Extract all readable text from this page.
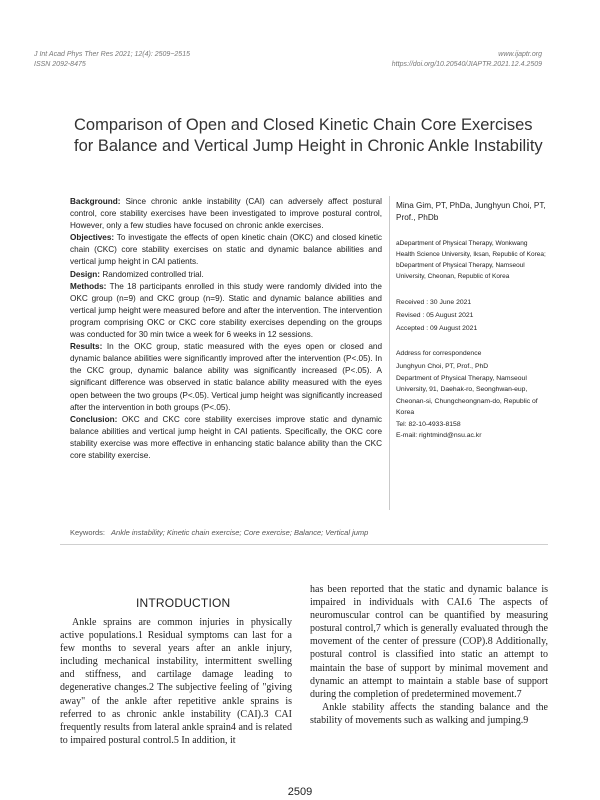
J Int Acad Phys Ther Res 2021; 12(4): 2509~2515
ISSN 2092-8475
www.ijaptr.org
https://doi.org/10.20540/JIAPTR.2021.12.4.2509
Comparison of Open and Closed Kinetic Chain Core Exercises for Balance and Vertical Jump Height in Chronic Ankle Instability

Background: Since chronic ankle instability (CAI) can adversely affect postural control, core stability exercises have been investigated to improve postural control, However, only a few studies have focused on chronic ankle exercises.

Objectives: To investigate the effects of open kinetic chain (OKC) and closed kinetic chain (CKC) core stability exercises on static and dynamic balance abilities and vertical jump height in CAI patients.

Design: Randomized controlled trial.

Methods: The 18 participants enrolled in this study were randomly divided into the OKC group (n=9) and CKC group (n=9). Static and dynamic balance abilities and vertical jump height were measured before and after the intervention. The intervention program comprising OKC or CKC core stability exercises depending on the groups was conducted for 30 min twice a week for 6 weeks in 12 sessions.

Results: In the OKC group, static measured with the eyes open or closed and dynamic balance abilities were significantly improved after the intervention (P<.05). In the CKC group, dynamic balance ability was significantly increased (P<.05). A significant difference was observed in static balance ability measured with the eyes open between the two groups (P<.05). Vertical jump height was significantly increased after the intervention in both groups (P<.05).

Conclusion: OKC and CKC core stability exercises improve static and dynamic balance abilities and vertical jump height in CAI patients. Specifically, the OKC core stability exercise was more effective in enhancing static balance ability than the CKC core stability exercise.

Mina Gim, PT, PhDa, Junghyun Choi, PT, Prof., PhDb

aDepartment of Physical Therapy, Wonkwang Health Science University, Iksan, Republic of Korea; bDepartment of Physical Therapy, Namseoul University, Cheonan, Republic of Korea

Received : 30 June 2021

Revised : 05 August 2021

Accepted : 09 August 2021

Address for correspondence

Junghyun Choi, PT, Prof., PhD

Department of Physical Therapy, Namseoul University, 91, Daehak-ro, Seonghwan-eup, Cheonan-si, Chungcheongnam-do, Republic of Korea

Tel: 82-10-4933-8158

E-mail: rightmind@nsu.ac.kr

Keywords: Ankle instability; Kinetic chain exercise; Core exercise; Balance; Vertical jump
INTRODUCTION

Ankle sprains are common injuries in physically active populations.1 Residual symptoms can last for a few months to several years after an ankle injury, including mechanical instability, intermittent swelling and stiffness, and cartilage damage leading to degenerative changes.2 The subjective feeling of "giving away" of the ankle after repetitive ankle sprains is referred to as chronic ankle instability (CAI).3 CAI frequently results from lateral ankle sprain4 and is related to impaired postural control.5 In addition, it

has been reported that the static and dynamic balance is impaired in individuals with CAI.6 The aspects of neuromuscular control can be quantified by measuring postural control,7 which is generally evaluated through the movement of the center of pressure (COP).8 Additionally, postural control is classified into static an attempt to maintain the base of support by minimal movement and dynamic an attempt to maintain a stable base of support during the completion of predetermined movement.7

Ankle stability affects the standing balance and the stability of movements such as walking and jumping.9

2509
